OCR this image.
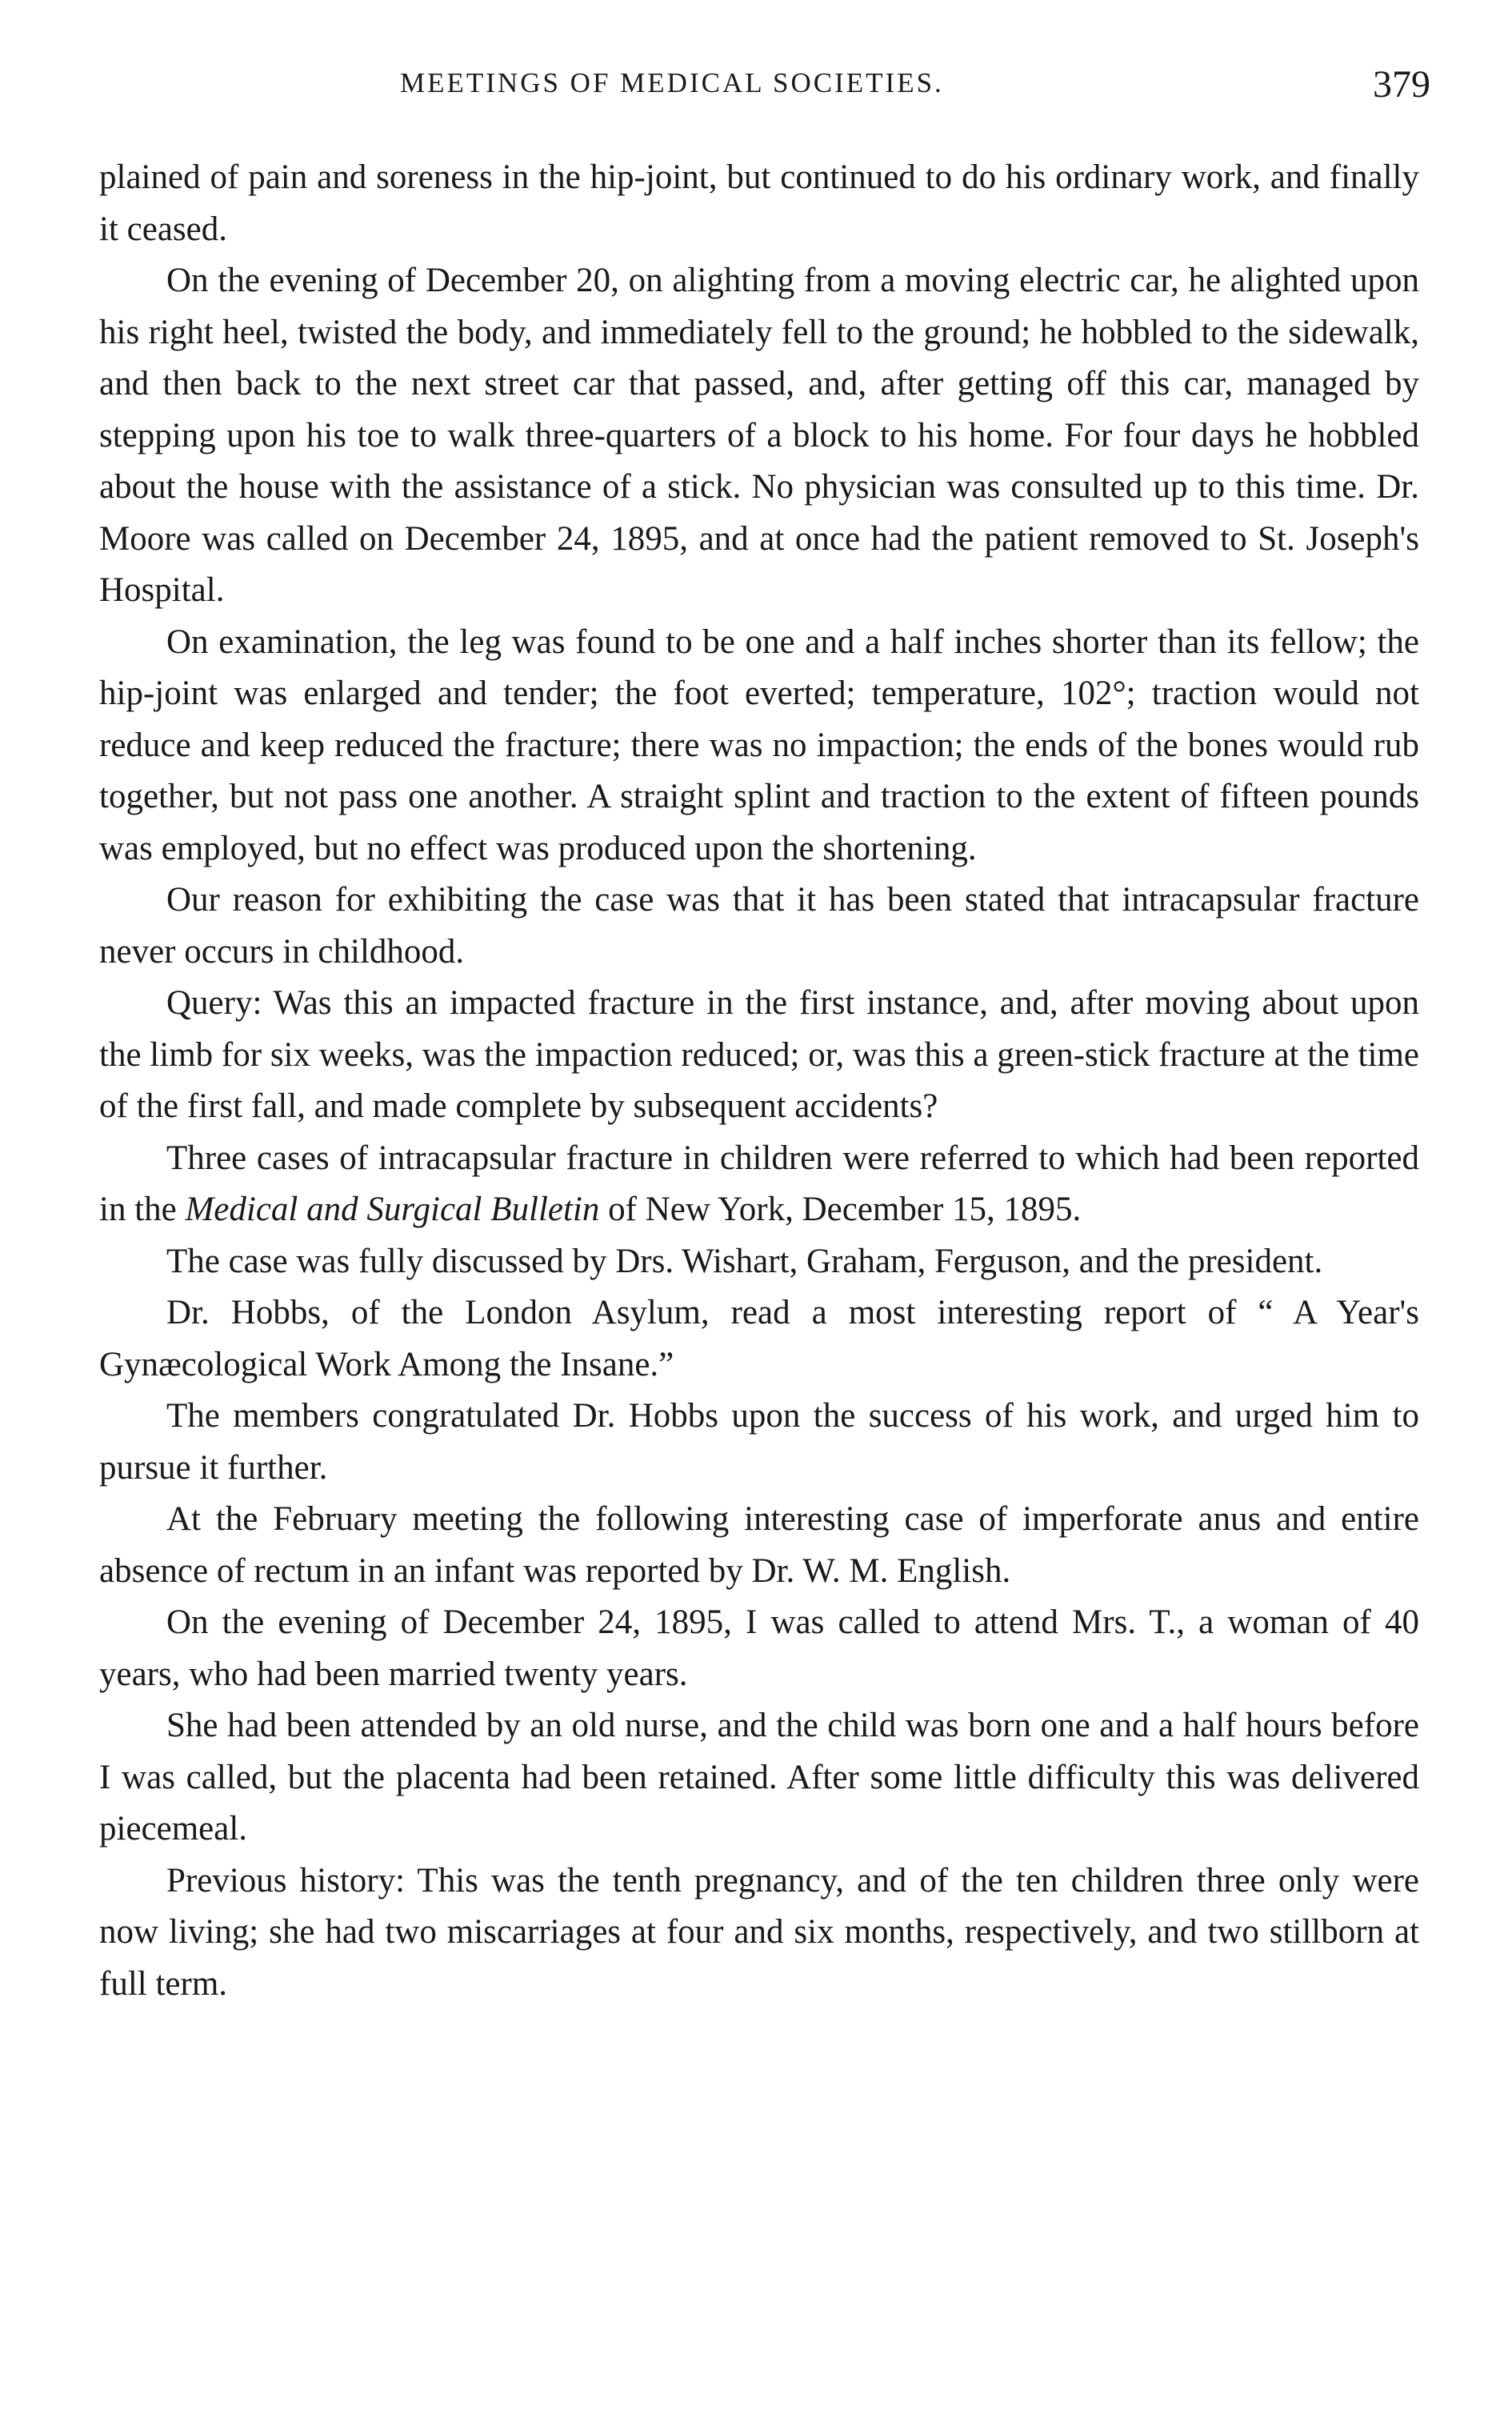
MEETINGS OF MEDICAL SOCIETIES.	379

plained of pain and soreness in the hip-joint, but continued to do his ordinary work, and finally it ceased.

On the evening of December 20, on alighting from a moving electric car, he alighted upon his right heel, twisted the body, and immediately fell to the ground; he hobbled to the sidewalk, and then back to the next street car that passed, and, after getting off this car, managed by stepping upon his toe to walk three-quarters of a block to his home. For four days he hobbled about the house with the assistance of a stick. No physician was consulted up to this time. Dr. Moore was called on December 24, 1895, and at once had the patient removed to St. Joseph's Hospital.

On examination, the leg was found to be one and a half inches shorter than its fellow; the hip-joint was enlarged and tender; the foot everted; temperature, 102°; traction would not reduce and keep reduced the fracture; there was no impaction; the ends of the bones would rub together, but not pass one another. A straight splint and traction to the extent of fifteen pounds was employed, but no effect was produced upon the shortening.

Our reason for exhibiting the case was that it has been stated that intracapsular fracture never occurs in childhood.

Query: Was this an impacted fracture in the first instance, and, after moving about upon the limb for six weeks, was the impaction reduced; or, was this a green-stick fracture at the time of the first fall, and made complete by subsequent accidents?

Three cases of intracapsular fracture in children were referred to which had been reported in the Medical and Surgical Bulletin of New York, December 15, 1895.

The case was fully discussed by Drs. Wishart, Graham, Ferguson, and the president.

Dr. Hobbs, of the London Asylum, read a most interesting report of “ A Year's Gynæcological Work Among the Insane.”

The members congratulated Dr. Hobbs upon the success of his work, and urged him to pursue it further.

At the February meeting the following interesting case of imperforate anus and entire absence of rectum in an infant was reported by Dr. W. M. English.

On the evening of December 24, 1895, I was called to attend Mrs. T., a woman of 40 years, who had been married twenty years.

She had been attended by an old nurse, and the child was born one and a half hours before I was called, but the placenta had been retained. After some little difficulty this was delivered piecemeal.

Previous history: This was the tenth pregnancy, and of the ten children three only were now living; she had two miscarriages at four and six months, respectively, and two stillborn at full term.
